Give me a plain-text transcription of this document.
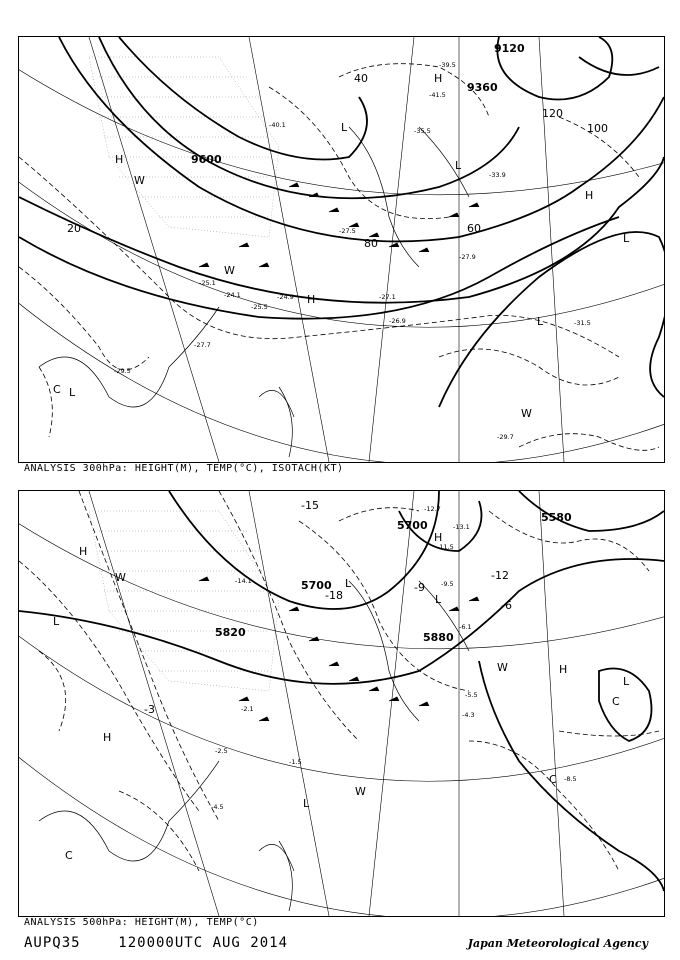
9120
9360
9600
20
40
60
80
100
120
-24.1	-24.9
-25.1
-25.5
-26.9
-27.1
-27.5
-27.7
-27.9
-29.5
-29.7
-31.5
-33.9
-35.5
-39.5
-40.1
-41.5
H
H
H
H
L
L
L
L
L
W
W
W
C
ANALYSIS 300hPa: HEIGHT(M), TEMP(°C), ISOTACH(KT)
5580
5700
5700
5820	5880
-3
-6
-9
-12
-15
-18
-1.5
-2.1
-2.5
-4.3
-4.5
-5.5
-6.1
-8.5
-9.5
-11.5
-12.7
-13.1
-14.1
H
H
H
H
L
L
L
L
L
W
W
W
C
C
C
ANALYSIS 500hPa: HEIGHT(M), TEMP(°C)
AUPQ35    120000UTC AUG 2014	Japan Meteorological Agency
